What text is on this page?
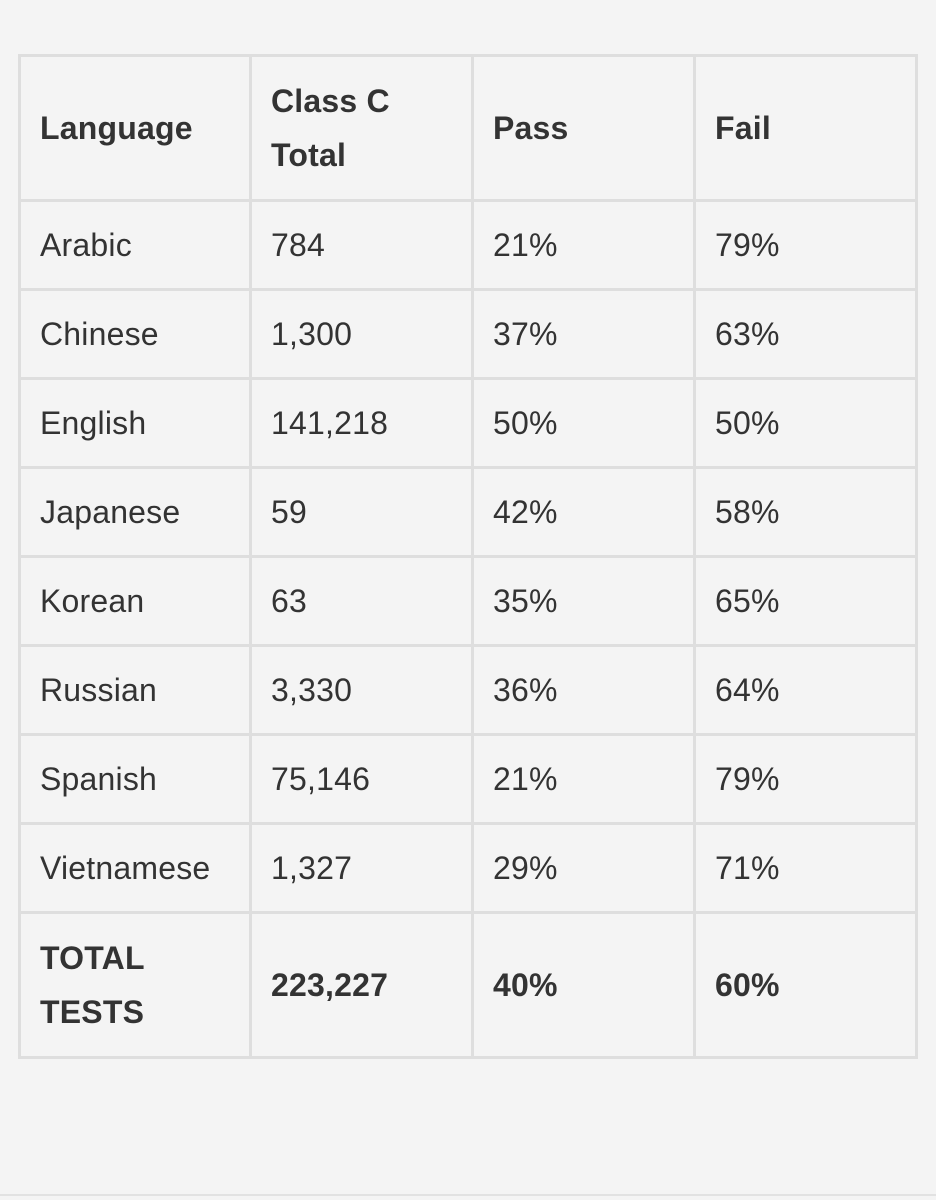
Language	Class C Total	Pass	Fail
Arabic	784	21%	79%
Chinese	1,300	37%	63%
English	141,218	50%	50%
Japanese	59	42%	58%
Korean	63	35%	65%
Russian	3,330	36%	64%
Spanish	75,146	21%	79%
Vietnamese	1,327	29%	71%
TOTAL TESTS	223,227	40%	60%
